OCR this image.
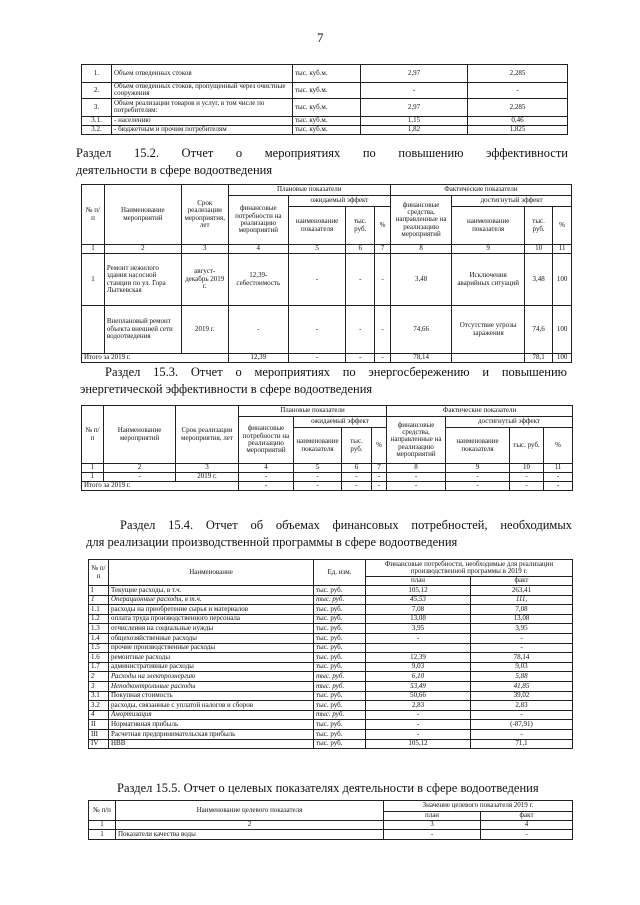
7
1.	Объем отведенных стоков	тыс. куб.м.	2,97	2,285
2.	Объем отведенных стоков, пропущенный через очистные сооружения	тыс. куб.м.	-	-
3.	Объем реализации товаров и услуг, в том числе по потребителям:	тыс. куб.м.	2,97	2,285
3.1.	- населению	тыс. куб.м.	1,15	0,46
3.2.	- бюджетным и прочим потребителям	тыс. куб.м.	1,82	1,825
Раздел 15.2. Отчет о мероприятиях по повышению эффективности
деятельности в сфере водоотведения
№ п/ п	Наименование мероприятий	Срок реализации мероприятия, лет	Плановые показатели				Фактические показатели			
			финансовые потребности на реализацию мероприятий	ожидаемый эффект			финансовые средства, направленные на реализацию мероприятий	достигнутый эффект		
				наименование показателя	тыс. руб.	%		наименование показателя	тыс. руб.	%
1	2	3	4	5	6	7	8	9	10	11
1	Ремонт нежилого здания насосной станции по ул. Гора Лыткевская	август-декабрь 2019 г.	12,39-себестоимость	-	-	-	3,48	Исключения аварийных ситуаций	3,48	100
	Внеплановый ремонт объекта внешней сети водоотведения	2019 г.	-	-	-	-	74,66	Отсутствие угрозы заражения	74,6	100
Итого за 2019 г.			12,39	-	-	-	78,14		78,1	100
Раздел 15.3. Отчет о мероприятиях по энергосбережению и повышению
энергетической эффективности в сфере водоотведения
№ п/ п	Наименование мероприятий	Срок реализации мероприятия, лет	Плановые показатели				Фактические показатели			
			финансовые потребности на реализацию мероприятий	ожидаемый эффект			финансовые средства, направленные на реализацию мероприятий	достигнутый эффект		
				наименование показателя	тыс. руб.	%		наименование показателя	тыс. руб.	%
1	2	3	4	5	6	7	8	9	10	11
1	-	2019 г.	-	-	-	-	-	-	-	-
Итого за 2019 г.			-	-	-	-	-	-	-	-
Раздел 15.4. Отчет об объемах финансовых потребностей, необходимых
для реализации производственной программы в сфере водоотведения
№ п/ п	Наименование	Ед. изм.	Финансовые потребности, необходимые для реализации производственной программы в 2019 г.	
			план	факт
I	Текущие расходы, в т.ч.	тыс. руб.	105,12	263,41
1	Операционные расходы, в т.ч.	тыс. руб.	45,53	111,
1.1	расходы на приобретение сырья и материалов	тыс. руб.	7,08	7,08
1.2	оплата труда производственного персонала	тыс. руб.	13,08	13,08
1.3	отчисления на социальные нужды	тыс. руб.	3,95	3,95
1.4	общехозяйственные расходы	тыс. руб.	-	-
1.5	прочие производственные расходы	тыс. руб.		-
1.6	ремонтные расходы	тыс. руб.	12,39	78,14
1.7	административные расходы	тыс. руб.	9,03	9,03
2	Расходы на электроэнергию	тыс. руб.	6,10	5,88
3	Неподконтрольные расходы	тыс. руб.	53,49	41,85
3.1	Покупная стоимость	тыс. руб.	50,66	39,02
3.2	расходы, связанные с уплатой налогов и сборов	тыс. руб.	2,83	2,83
4	Амортизация	тыс. руб.	-	-
II	Нормативная прибыль	тыс. руб.	-	(-87,91)
III	Расчетная предпринимательская прибыль	тыс. руб.	-	-
IV	НВВ	тыс. руб.	105,12	71,1
Раздел 15.5. Отчет о целевых показателях деятельности в сфере водоотведения
№ п/п	Наименование целевого показателя	Значение целевого показателя 2019 г.	
		план	факт
1	2	3	4
1	Показатели качества воды	-	-
